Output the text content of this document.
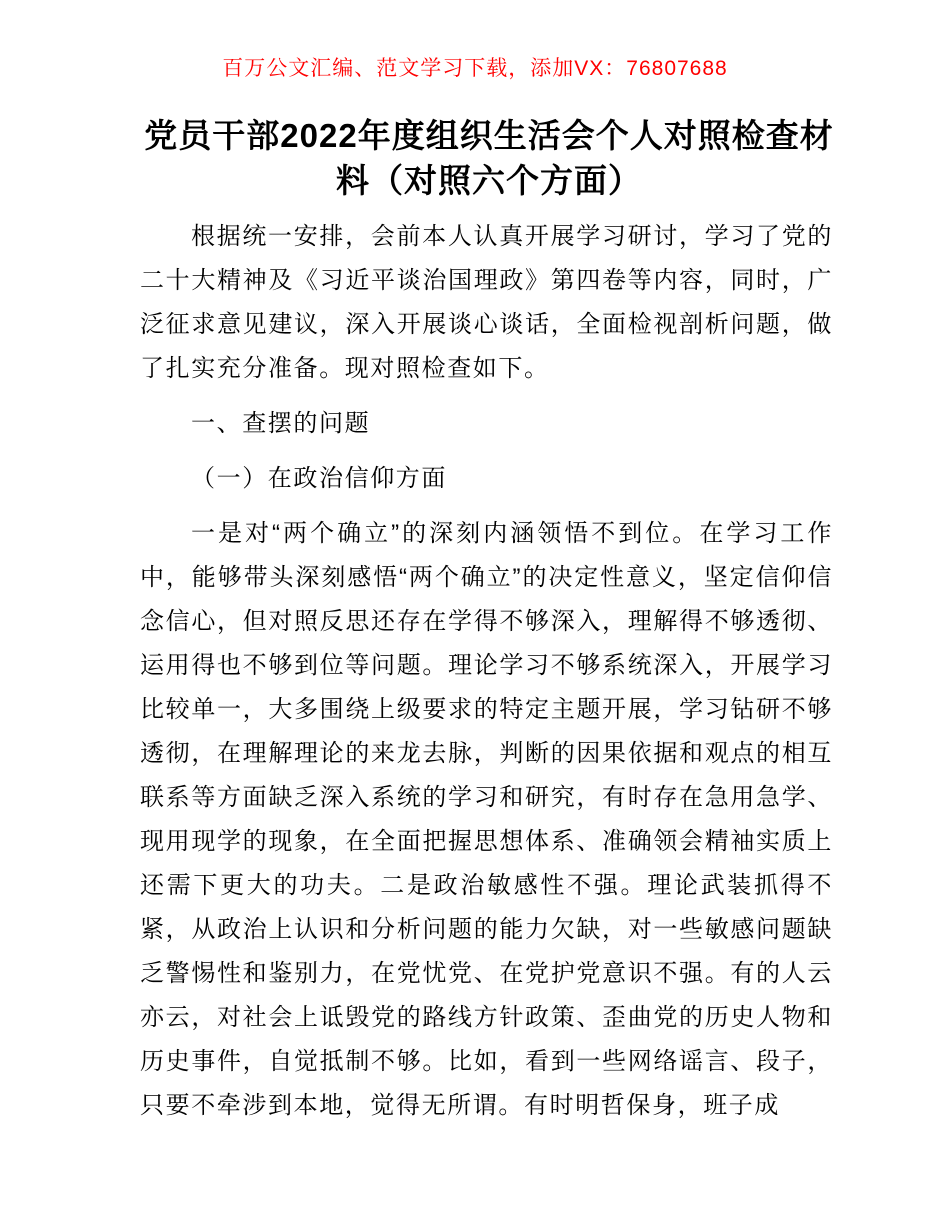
百万公文汇编、范文学习下载，添加VX：76807688
党员干部2022年度组织生活会个人对照检查材料（对照六个方面）

根据统一安排，会前本人认真开展学习研讨，学习了党的二十大精神及《习近平谈治国理政》第四卷等内容，同时，广泛征求意见建议，深入开展谈心谈话，全面检视剖析问题，做了扎实充分准备。现对照检查如下。

一、查摆的问题

（一）在政治信仰方面

一是对“两个确立”的深刻内涵领悟不到位。在学习工作中，能够带头深刻感悟“两个确立”的决定性意义，坚定信仰信念信心，但对照反思还存在学得不够深入，理解得不够透彻、运用得也不够到位等问题。理论学习不够系统深入，开展学习比较单一，大多围绕上级要求的特定主题开展，学习钻研不够透彻，在理解理论的来龙去脉，判断的因果依据和观点的相互联系等方面缺乏深入系统的学习和研究，有时存在急用急学、现用现学的现象，在全面把握思想体系、准确领会精袖实质上还需下更大的功夫。二是政治敏感性不强。理论武装抓得不紧，从政治上认识和分析问题的能力欠缺，对一些敏感问题缺乏警惕性和鉴别力，在党忧党、在党护党意识不强。有的人云亦云，对社会上诋毁党的路线方针政策、歪曲党的历史人物和历史事件，自觉抵制不够。比如，看到一些网络谣言、段子，只要不牵涉到本地，觉得无所谓。有时明哲保身，班子成
